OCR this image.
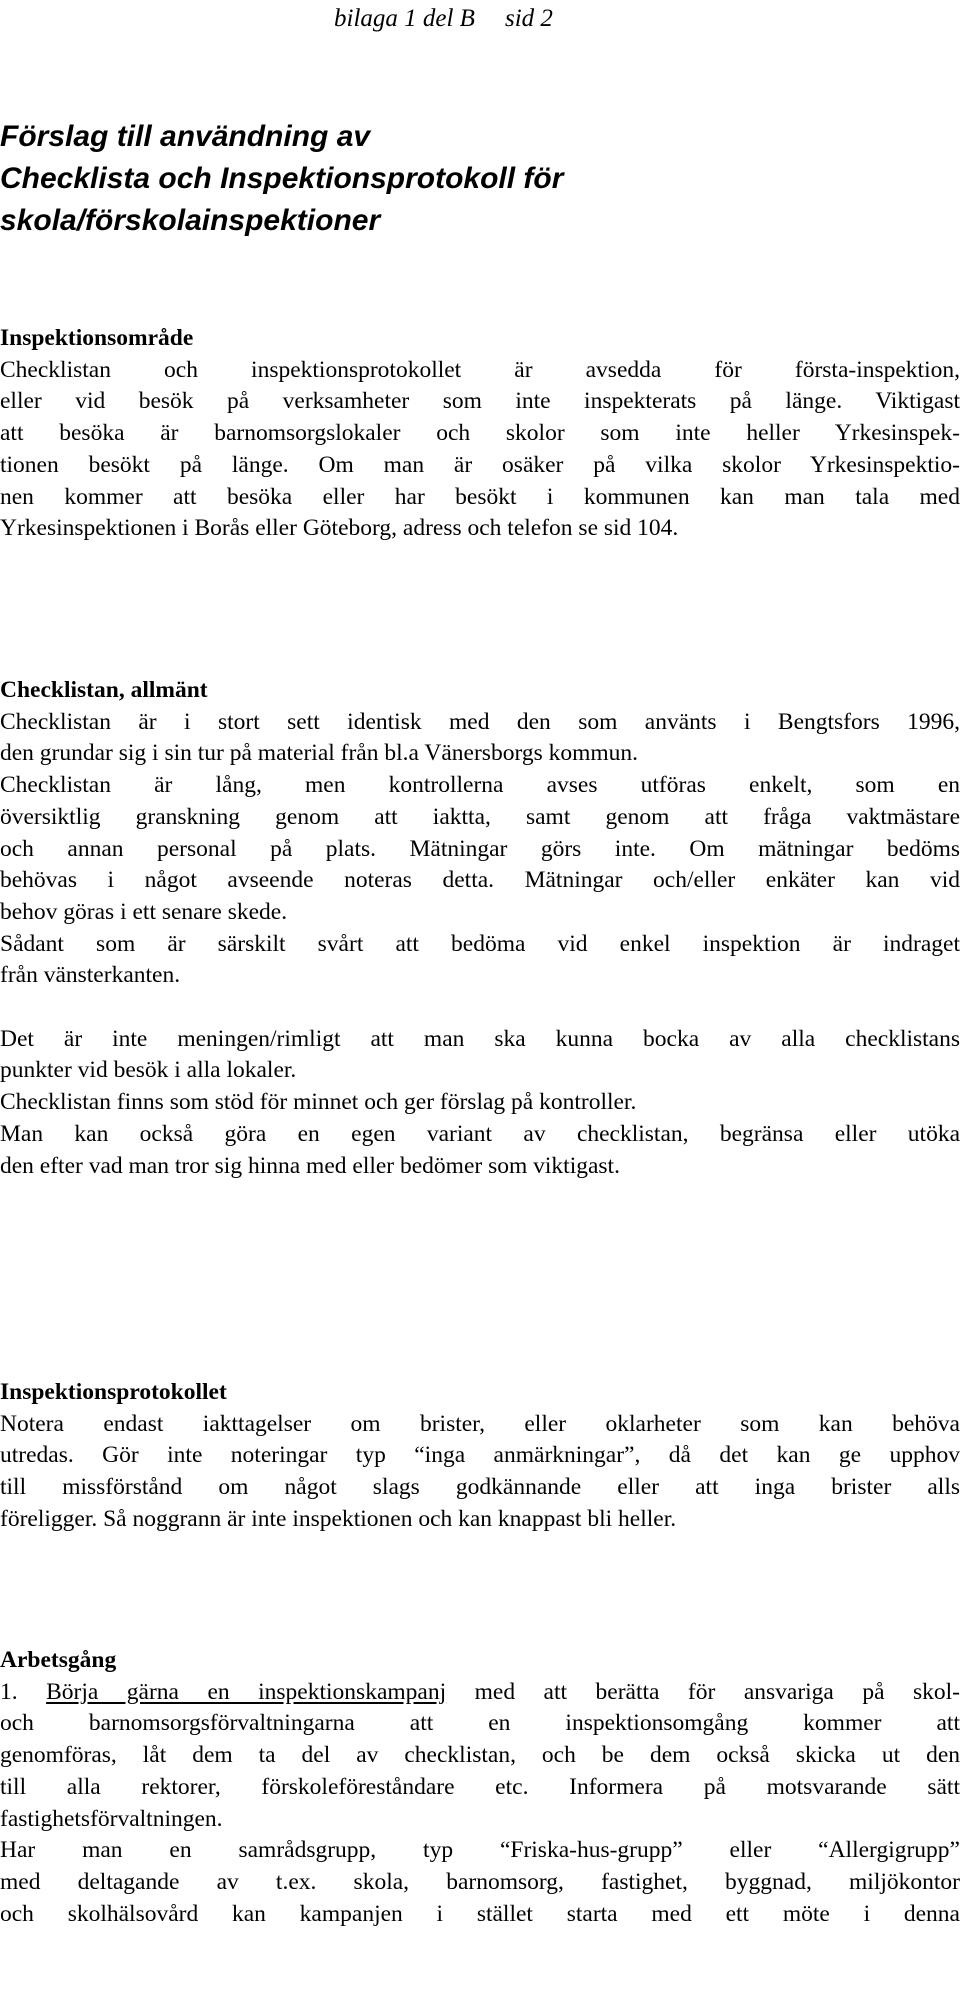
bilaga 1 del B sid 2
Förslag till användning av
Checklista och Inspektionsprotokoll för
skola/förskolainspektioner
Inspektionsområde
Checklistan och inspektionsprotokollet är avsedda för första-inspektion,
eller vid besök på verksamheter som inte inspekterats på länge. Viktigast
att besöka är barnomsorgslokaler och skolor som inte heller Yrkesinspek-
tionen besökt på länge. Om man är osäker på vilka skolor Yrkesinspektio-
nen kommer att besöka eller har besökt i kommunen kan man tala med
Yrkesinspektionen i Borås eller Göteborg, adress och telefon se sid 104.
Checklistan, allmänt
Checklistan är i stort sett identisk med den som använts i Bengtsfors 1996,
den grundar sig i sin tur på material från bl.a Vänersborgs kommun.
Checklistan är lång, men kontrollerna avses utföras enkelt, som en
översiktlig granskning genom att iaktta, samt genom att fråga vaktmästare
och annan personal på plats. Mätningar görs inte. Om mätningar bedöms
behövas i något avseende noteras detta. Mätningar och/eller enkäter kan vid
behov göras i ett senare skede.
Sådant som är särskilt svårt att bedöma vid enkel inspektion är indraget
från vänsterkanten.
Det är inte meningen/rimligt att man ska kunna bocka av alla checklistans
punkter vid besök i alla lokaler.
Checklistan finns som stöd för minnet och ger förslag på kontroller.
Man kan också göra en egen variant av checklistan, begränsa eller utöka
den efter vad man tror sig hinna med eller bedömer som viktigast.
Inspektionsprotokollet
Notera endast iakttagelser om brister, eller oklarheter som kan behöva
utredas. Gör inte noteringar typ “inga anmärkningar”, då det kan ge upphov
till missförstånd om något slags godkännande eller att inga brister alls
föreligger. Så noggrann är inte inspektionen och kan knappast bli heller.
Arbetsgång
1. Börja gärna en inspektionskampanj med att berätta för ansvariga på skol-
och barnomsorgsförvaltningarna att en inspektionsomgång kommer att
genomföras, låt dem ta del av checklistan, och be dem också skicka ut den
till alla rektorer, förskoleföreståndare etc. Informera på motsvarande sätt
fastighetsförvaltningen.
Har man en samrådsgrupp, typ “Friska-hus-grupp” eller “Allergigrupp”
med deltagande av t.ex. skola, barnomsorg, fastighet, byggnad, miljökontor
och skolhälsovård kan kampanjen i stället starta med ett möte i denna
